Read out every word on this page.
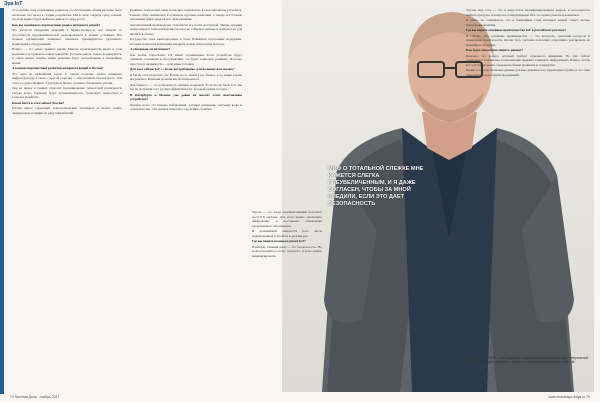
Эра IoT

по подобию сети социальных сервисов, то обеспечение общей системы было несколько лет назад в стадии разработки. Мы в свою очередь сразу поняли, что нам нужно будет выйти на рынок по мере роста

Как вы оцениваете перспективы рынка интернета вещей?

Что касается внедрения решений в бизнес-процессы, все зависит от способности предпринимателей адаптироваться к новым условиям. Все больше организаций начинают понимать преимущества удаленного мониторинга оборудования.

Вопрос — это давно пришло время. Многие производители видят в этом возможность привлечь новых клиентов. Сегодня рынок только формируется, и очень важно понять, какие решения будут востребованы в ближайшее время.

А каковы перспективы развития интернета вещей в России?

Это одна из важнейших задач. С одной стороны, нужно развивать инфраструктуру и связь, с другой стороны — обеспечивать безопасность. Для этого государственные структуры и бизнес должны объединить усилия.

Тем не менее в разных отраслях проникновение технологий различается. Скорее всего, первыми будут промышленность, транспорт, энергетика и сельское хозяйство.

Какое место в этом займет Россия?

Россия имеет серьезный технологический потенциал и может занять лидирующие позиции по ряду направлений.

Развитие технологий связи позволяет подключать к сети миллионы устройств. Раньше этим занимались в основном крупные компании, а теперь все больше небольших фирм предлагают свои решения.

Автоматизация производства становится все более доступной. Умные датчики контролируют технологические процессы, собирают данные и передают их для анализа в облако.

Государство тоже заинтересовано в этом. Появились программы поддержки, которые помогают компаниям внедрять новые технологии быстрее.

А обоснован ли оптимизм?

Как любая технология, IoT имеет ограничения. Если устройства будут слишком сложными в обслуживании, это будет тормозить развитие. Поэтому простота и надежность — ключевые условия.

Для кого сейчас IoT — более востребованы: для больших или малых?

Я бы не стал разделять так. Важно не то, какой у вас бизнес, а то, какие задачи вы решаете. Решения должны масштабироваться.

Для бизнеса — это возможность снизить издержки. Если бы не было IoT, мы бы не получили того уровня эффективности, который видим сегодня.

В Петербурге и Москве уже давно на многих сетях выставлены устройства?

Прежде всего это камеры наблюдения, датчики движения, счетчики воды и электричества. Эти данные помогают городским службам.

МИФ О ТОТАЛЬНОЙ СЛЕЖКЕ МНЕ КАЖЕТСЯ СЛЕГКА ПРЕУВЕЛИЧЕННЫМ, И Я ДАЖЕ СОГЛАСЕН, ЧТОБЫ ЗА МНОЙ СЛЕДИЛИ, ЕСЛИ ЭТО ДАЕТ БЕЗОПАСНОСТЬ

Угрозы еще есть — это и недостаток квалифицированных кадров, и неготовность инфраструктуры, и вопросы стандартизации. Все это нужно решать в комплексе.

Я лично не сомневаюсь, что в ближайшие годы интернет вещей станет частью повседневной жизни.

Где вы видите основные преимущества IoT в российских реалиях?

Я считаю, что основные преимущества — это контроль, экономия ресурсов и повышение безопасности. Кроме того, системы позволяют оперативно реагировать на аварийные ситуации.

Как будет обеспечена защита данных?

Конечно, это вопрос, который требует отдельного внимания. Но уже сейчас существуют механизмы, позволяющие надежно защищать информацию. Важно, чтобы все участники рынка следовали общим правилам и стандартам.

Кроме того, персональные данные должны храниться на территории страны, и это тоже учитывается при разработке решений.

Угроза — это когда злоумышленники получают доступ к системе. Для этого нужно обеспечить шифрование и постоянное обновление программного обеспечения.

В дальнейшем ожидается рост числа подключенных устройств в десятки раз.

Где вы видите вызовы и риски IoT?

Пожалуй, главный риск — это безопасность. Но если подходить к этому грамотно, угрозы можно минимизировать.

ДЕНИС ВАСИЛЬЕВ — руководитель направления интернета вещей, генеральный директор ведущей компании в области телекоммуникационных решений
74 Частная Доля · ноябрь 2017	www.chastnaya-dolya.ru 75
